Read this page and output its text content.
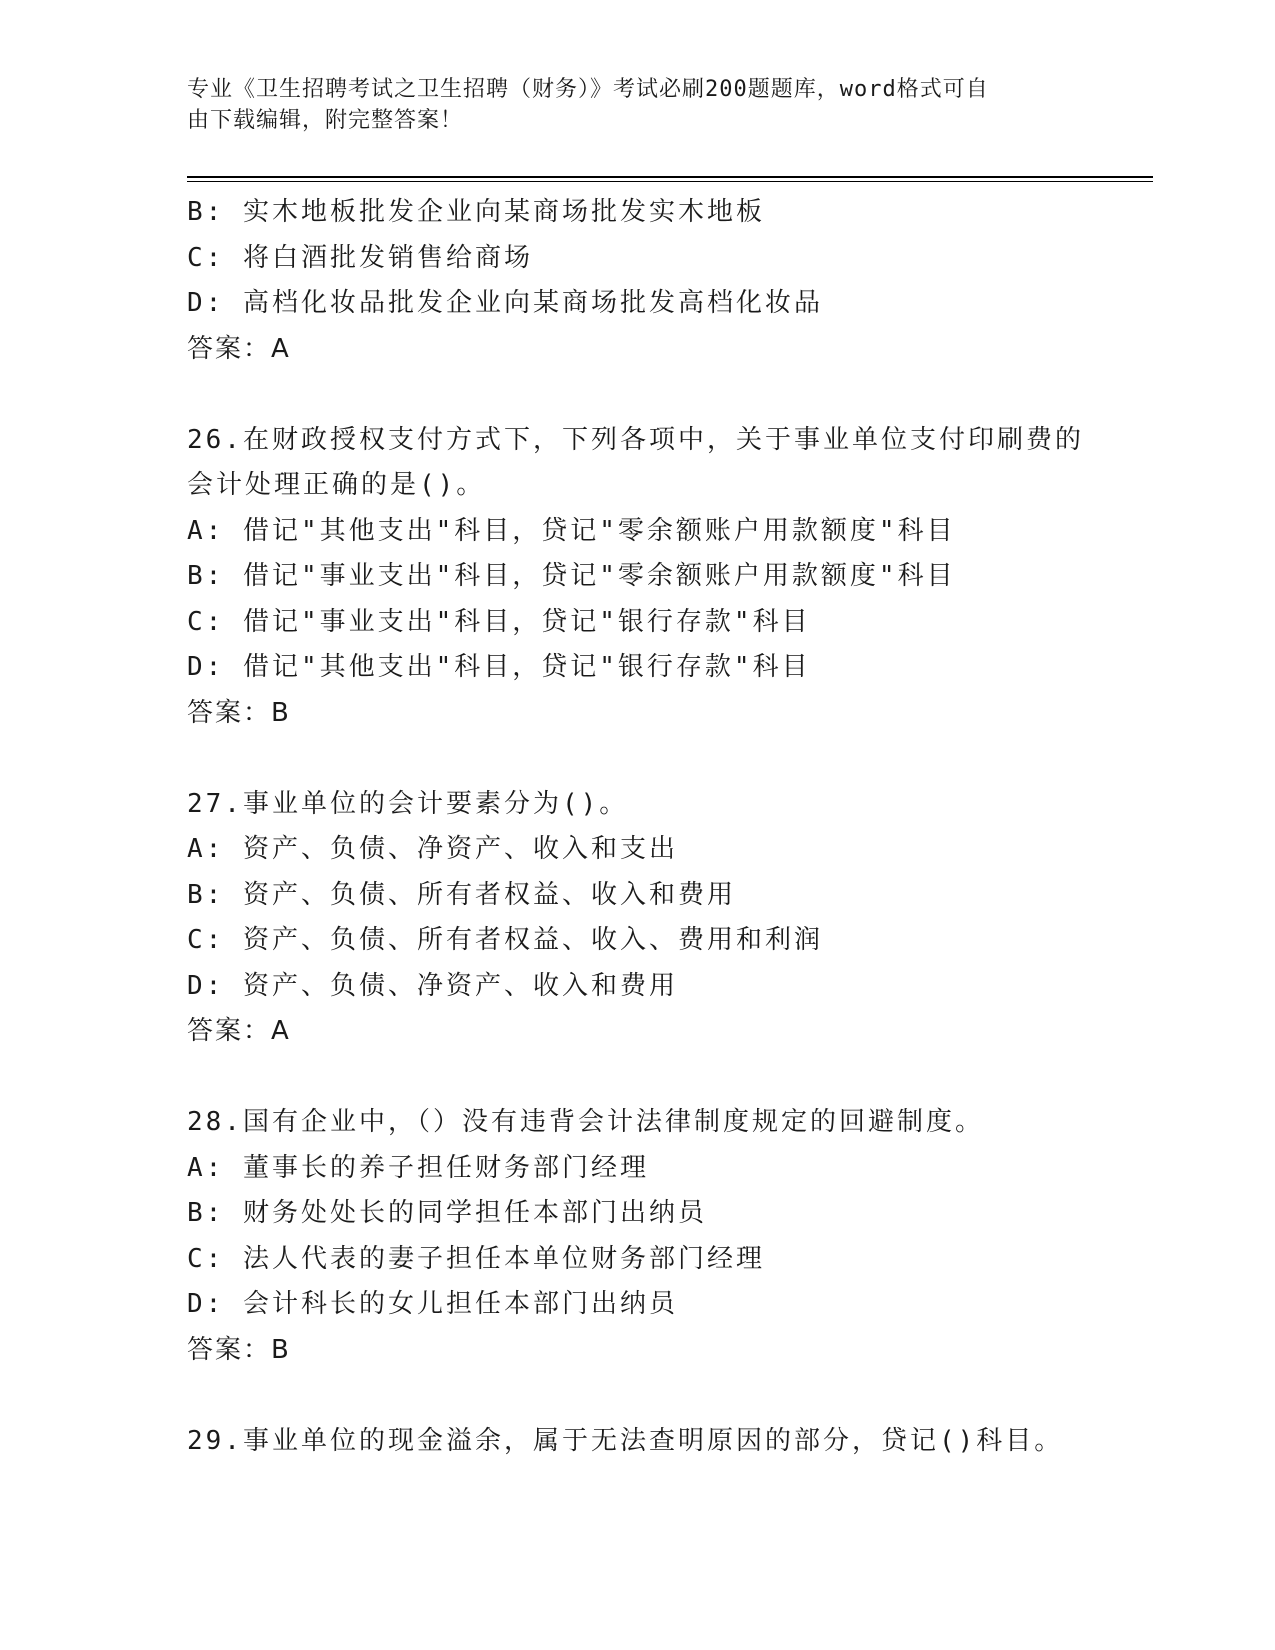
专业《卫生招聘考试之卫生招聘（财务）》考试必刷200题题库，word格式可自
由下载编辑，附完整答案！
B: 实木地板批发企业向某商场批发实木地板
C: 将白酒批发销售给商场
D: 高档化妆品批发企业向某商场批发高档化妆品
答案：A
26.在财政授权支付方式下，下列各项中，关于事业单位支付印刷费的
会计处理正确的是()。
A: 借记"其他支出"科目，贷记"零余额账户用款额度"科目
B: 借记"事业支出"科目，贷记"零余额账户用款额度"科目
C: 借记"事业支出"科目，贷记"银行存款"科目
D: 借记"其他支出"科目，贷记"银行存款"科目
答案：B
27.事业单位的会计要素分为()。
A: 资产、负债、净资产、收入和支出
B: 资产、负债、所有者权益、收入和费用
C: 资产、负债、所有者权益、收入、费用和利润
D: 资产、负债、净资产、收入和费用
答案：A
28.国有企业中，（）没有违背会计法律制度规定的回避制度。
A: 董事长的养子担任财务部门经理
B: 财务处处长的同学担任本部门出纳员
C: 法人代表的妻子担任本单位财务部门经理
D: 会计科长的女儿担任本部门出纳员
答案：B
29.事业单位的现金溢余，属于无法查明原因的部分，贷记()科目。
